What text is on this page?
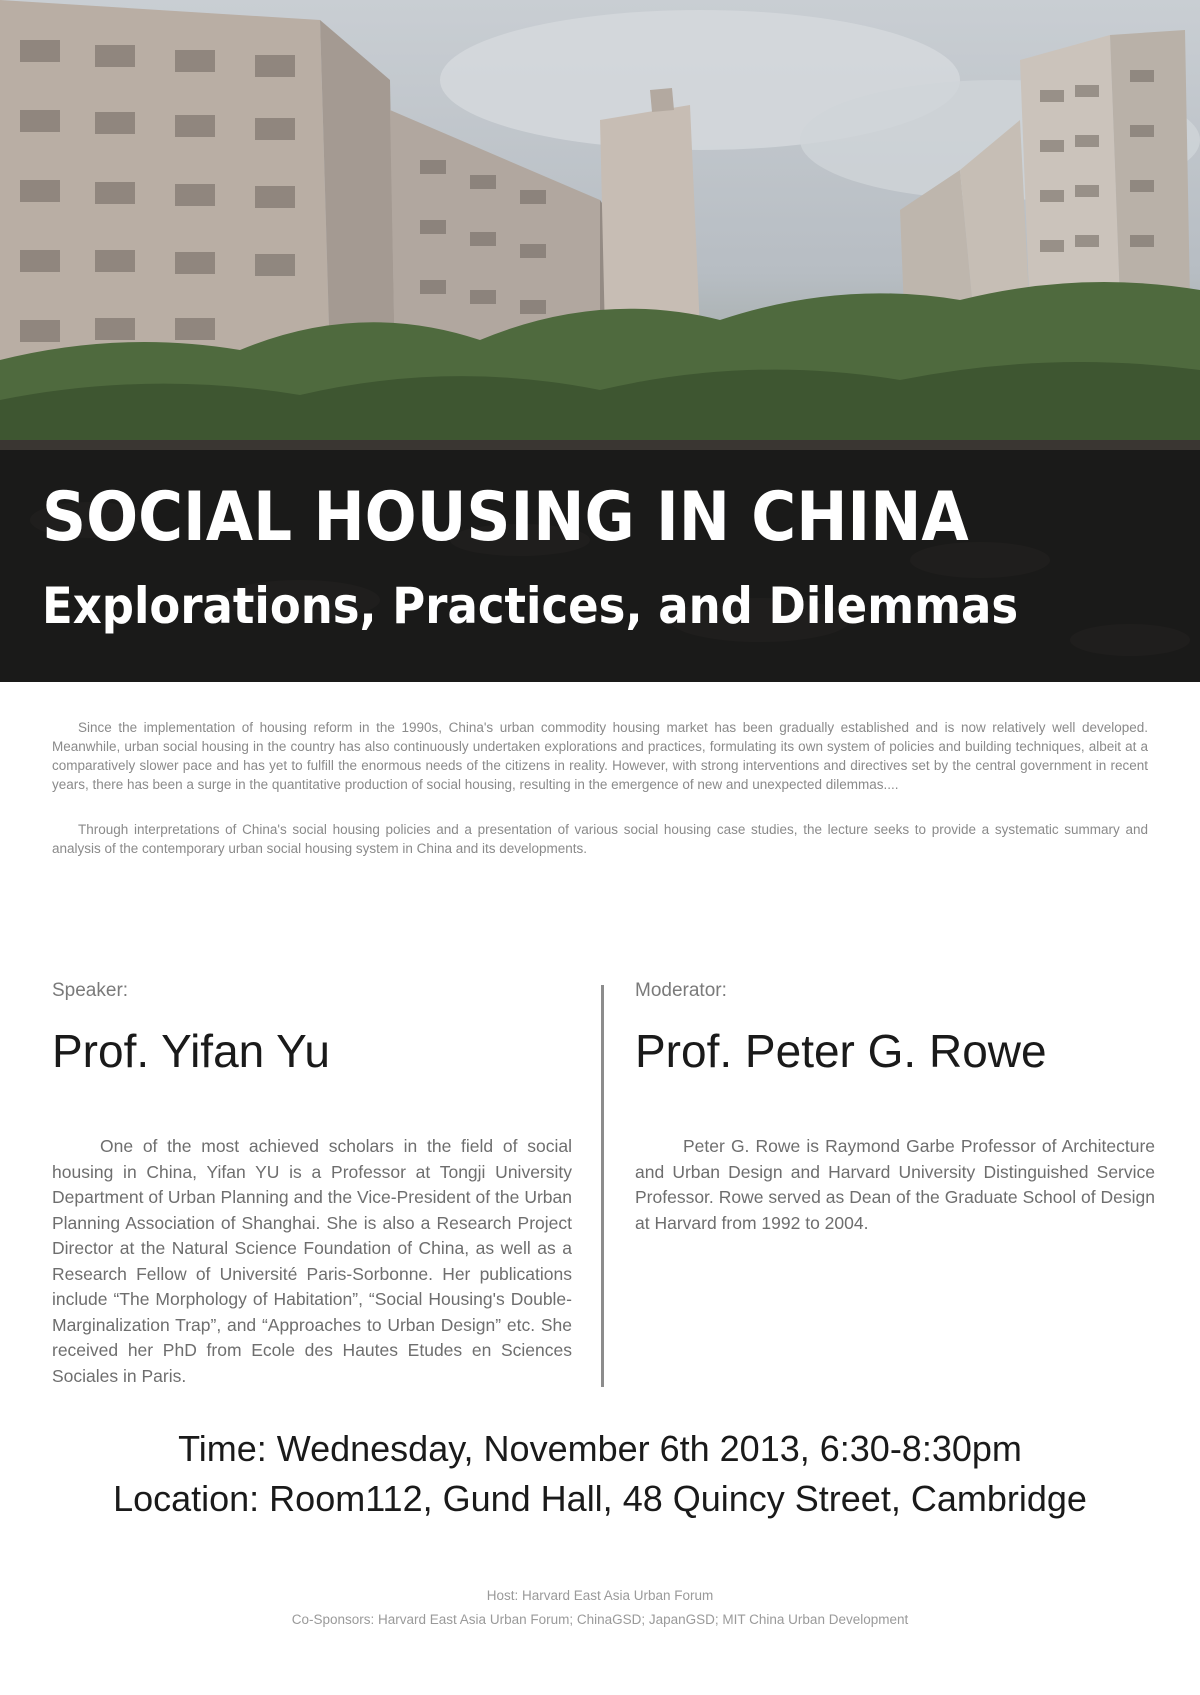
SOCIAL HOUSING IN CHINA
Explorations, Practices, and Dilemmas

Since the implementation of housing reform in the 1990s, China's urban commodity housing market has been gradually established and is now relatively well developed. Meanwhile, urban social housing in the country has also continuously undertaken explorations and practices, formulating its own system of policies and building techniques, albeit at a comparatively slower pace and has yet to fulfill the enormous needs of the citizens in reality. However, with strong interventions and directives set by the central government in recent years, there has been a surge in the quantitative production of social housing, resulting in the emergence of new and unexpected dilemmas....

Through interpretations of China's social housing policies and a presentation of various social housing case studies, the lecture seeks to provide a systematic summary and analysis of the contemporary urban social housing system in China and its developments.

Speaker:
Prof. Yifan Yu
One of the most achieved scholars in the field of social housing in China, Yifan YU is a Professor at Tongji University Department of Urban Planning and the Vice-President of the Urban Planning Association of Shanghai. She is also a Research Project Director at the Natural Science Foundation of China, as well as a Research Fellow of Université Paris-Sorbonne. Her publications include “The Morphology of Habitation”, “Social Housing's Double-Marginalization Trap”, and “Approaches to Urban Design” etc. She received her PhD from Ecole des Hautes Etudes en Sciences Sociales in Paris.
Moderator:
Prof. Peter G. Rowe
Peter G. Rowe is Raymond Garbe Professor of Architecture and Urban Design and Harvard University Distinguished Service Professor. Rowe served as Dean of the Graduate School of Design at Harvard from 1992 to 2004.
Time: Wednesday, November 6th 2013, 6:30-8:30pm
Location: Room112, Gund Hall, 48 Quincy Street, Cambridge
Host: Harvard East Asia Urban Forum
Co-Sponsors: Harvard East Asia Urban Forum; ChinaGSD; JapanGSD; MIT China Urban Development
